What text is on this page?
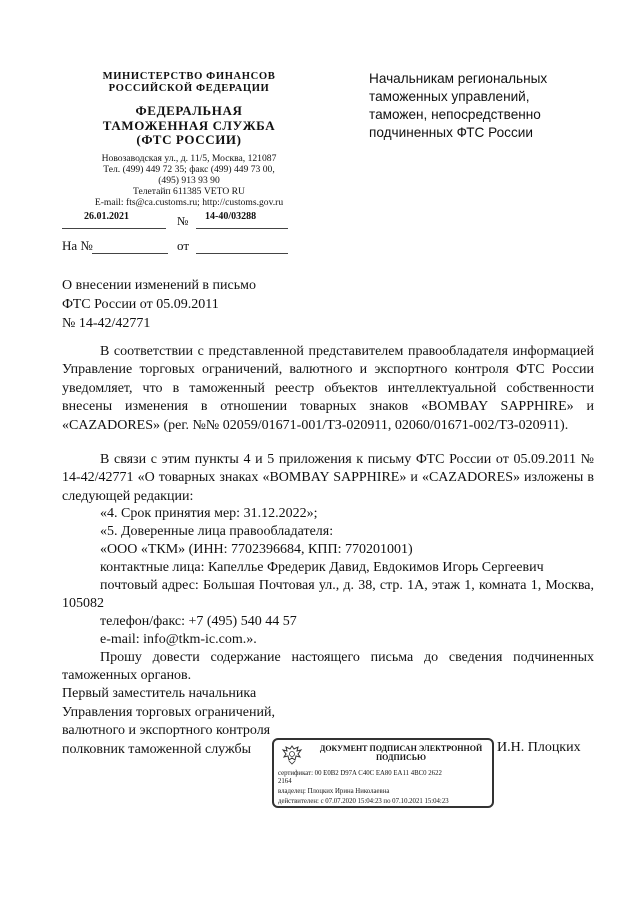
МИНИСТЕРСТВО ФИНАНСОВ
РОССИЙСКОЙ ФЕДЕРАЦИИ
ФЕДЕРАЛЬНАЯ
ТАМОЖЕННАЯ СЛУЖБА
(ФТС РОССИИ)
Новозаводская ул., д. 11/5, Москва, 121087
Тел. (499) 449 72 35; факс (499) 449 73 00,
(495) 913 93 90
Телетайп 611385 VETO RU
E-mail: fts@ca.customs.ru; http://customs.gov.ru
26.01.2021	№ 14-40/03288
На №	от
Начальникам региональных
таможенных управлений,
таможен, непосредственно
подчиненных ФТС России
О внесении изменений в письмо
ФТС России от 05.09.2011
№ 14-42/42771
В соответствии с представленной представителем правообладателя информацией Управление торговых ограничений, валютного и экспортного контроля ФТС России уведомляет, что в таможенный реестр объектов интеллектуальной собственности внесены изменения в отношении товарных знаков «BOMBAY SAPPHIRE» и «CAZADORES» (рег. №№ 02059/01671-001/ТЗ-020911, 02060/01671-002/ТЗ-020911).
В связи с этим пункты 4 и 5 приложения к письму ФТС России от 05.09.2011 № 14-42/42771 «О товарных знаках «BOMBAY SAPPHIRE» и «CAZADORES» изложены в следующей редакции:
«4. Срок принятия мер: 31.12.2022»;
«5. Доверенные лица правообладателя:
«ООО «ТКМ» (ИНН: 7702396684, КПП: 770201001)
контактные лица: Капеллье Фредерик Давид, Евдокимов Игорь Сергеевич
почтовый адрес: Большая Почтовая ул., д. 38, стр. 1А, этаж 1, комната 1, Москва, 105082
телефон/факс: +7 (495) 540 44 57
e-mail: info@tkm-ic.com.».
Прошу довести содержание настоящего письма до сведения подчиненных таможенных органов.
Первый заместитель начальника
Управления торговых ограничений,
валютного и экспортного контроля
полковник таможенной службы	И.Н. Плоцких
ДОКУМЕНТ ПОДПИСАН ЭЛЕКТРОННОЙ
ПОДПИСЬЮ
сертификат: 00 E0B2 D97A C40C EA80 EA11 4BC0 2622
2164
владелец: Плоцких Ирина Николаевна
действителен: с 07.07.2020 15:04:23 по 07.10.2021 15:04:23
